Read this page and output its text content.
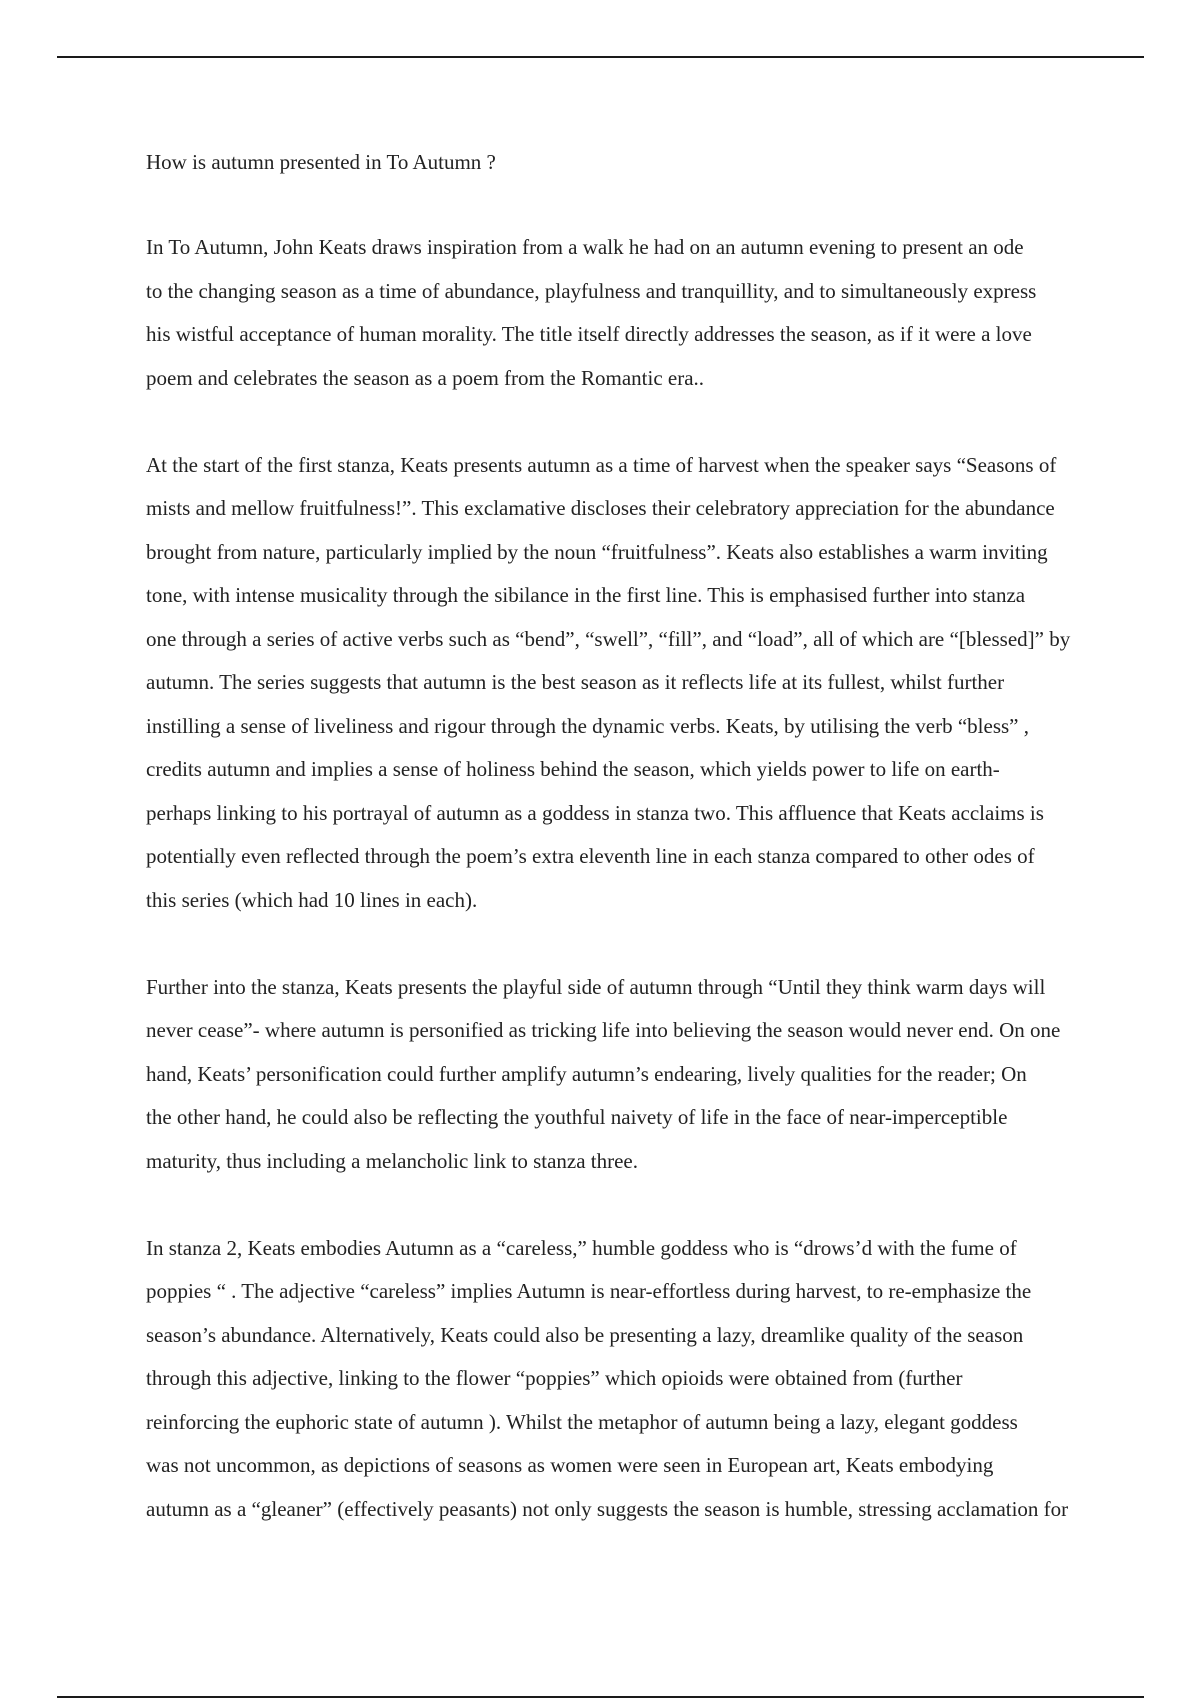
How is autumn presented in To Autumn ?

In To Autumn, John Keats draws inspiration from a walk he had on an autumn evening to present an ode
to the changing season as a time of abundance, playfulness and tranquillity, and to simultaneously express
his wistful acceptance of human morality. The title itself directly addresses the season, as if it were a love
poem and celebrates the season as a poem from the Romantic era..

At the start of the first stanza, Keats presents autumn as a time of harvest when the speaker says “Seasons of
mists and mellow fruitfulness!”. This exclamative discloses their celebratory appreciation for the abundance
brought from nature, particularly implied by the noun “fruitfulness”. Keats also establishes a warm inviting
tone, with intense musicality through the sibilance in the first line. This is emphasised further into stanza
one through a series of active verbs such as “bend”, “swell”, “fill”, and “load”, all of which are “[blessed]” by
autumn. The series suggests that autumn is the best season as it reflects life at its fullest, whilst further
instilling a sense of liveliness and rigour through the dynamic verbs. Keats, by utilising the verb “bless” ,
credits autumn and implies a sense of holiness behind the season, which yields power to life on earth-
perhaps linking to his portrayal of autumn as a goddess in stanza two. This affluence that Keats acclaims is
potentially even reflected through the poem’s extra eleventh line in each stanza compared to other odes of
this series (which had 10 lines in each).

Further into the stanza, Keats presents the playful side of autumn through “Until they think warm days will
never cease”- where autumn is personified as tricking life into believing the season would never end. On one
hand, Keats’ personification could further amplify autumn’s endearing, lively qualities for the reader; On
the other hand, he could also be reflecting the youthful naivety of life in the face of near-imperceptible
maturity, thus including a melancholic link to stanza three.

In stanza 2, Keats embodies Autumn as a “careless,” humble goddess who is “drows’d with the fume of
poppies “ . The adjective “careless” implies Autumn is near-effortless during harvest, to re-emphasize the
season’s abundance. Alternatively, Keats could also be presenting a lazy, dreamlike quality of the season
through this adjective, linking to the flower “poppies” which opioids were obtained from (further
reinforcing the euphoric state of autumn ). Whilst the metaphor of autumn being a lazy, elegant goddess
was not uncommon, as depictions of seasons as women were seen in European art, Keats embodying
autumn as a “gleaner” (effectively peasants) not only suggests the season is humble, stressing acclamation for
